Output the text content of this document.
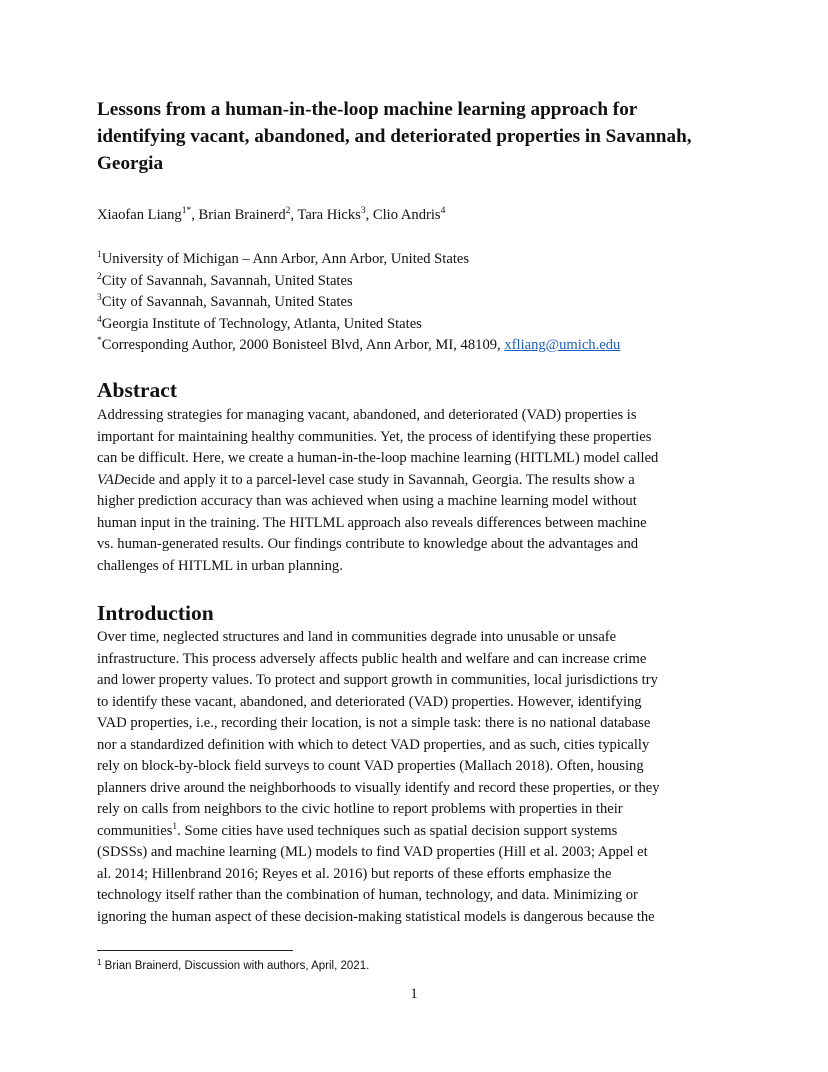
Lessons from a human-in-the-loop machine learning approach for
identifying vacant, abandoned, and deteriorated properties in Savannah,
Georgia
Xiaofan Liang$^{1*}$, Brian Brainerd$^2$, Tara Hicks$^3$, Clio Andris$^4$
$^1$University of Michigan – Ann Arbor, Ann Arbor, United States
$^2$City of Savannah, Savannah, United States
$^3$City of Savannah, Savannah, United States
$^4$Georgia Institute of Technology, Atlanta, United States
*Corresponding Author, 2000 Bonisteel Blvd, Ann Arbor, MI, 48109, xfliang@umich.edu
Abstract
Addressing strategies for managing vacant, abandoned, and deteriorated (VAD) properties is
important for maintaining healthy communities. Yet, the process of identifying these properties
can be difficult. Here, we create a human-in-the-loop machine learning (HITLML) model called
VADecide and apply it to a parcel-level case study in Savannah, Georgia. The results show a
higher prediction accuracy than was achieved when using a machine learning model without
human input in the training. The HITLML approach also reveals differences between machine
vs. human-generated results. Our findings contribute to knowledge about the advantages and
challenges of HITLML in urban planning.
Introduction
Over time, neglected structures and land in communities degrade into unusable or unsafe
infrastructure. This process adversely affects public health and welfare and can increase crime
and lower property values. To protect and support growth in communities, local jurisdictions try
to identify these vacant, abandoned, and deteriorated (VAD) properties. However, identifying
VAD properties, i.e., recording their location, is not a simple task: there is no national database
nor a standardized definition with which to detect VAD properties, and as such, cities typically
rely on block-by-block field surveys to count VAD properties (Mallach 2018). Often, housing
planners drive around the neighborhoods to visually identify and record these properties, or they
rely on calls from neighbors to the civic hotline to report problems with properties in their
communities$^1$. Some cities have used techniques such as spatial decision support systems
(SDSSs) and machine learning (ML) models to find VAD properties (Hill et al. 2003; Appel et
al. 2014; Hillenbrand 2016; Reyes et al. 2016) but reports of these efforts emphasize the
technology itself rather than the combination of human, technology, and data. Minimizing or
ignoring the human aspect of these decision-making statistical models is dangerous because the
$^1$ Brian Brainerd, Discussion with authors, April, 2021.
1
